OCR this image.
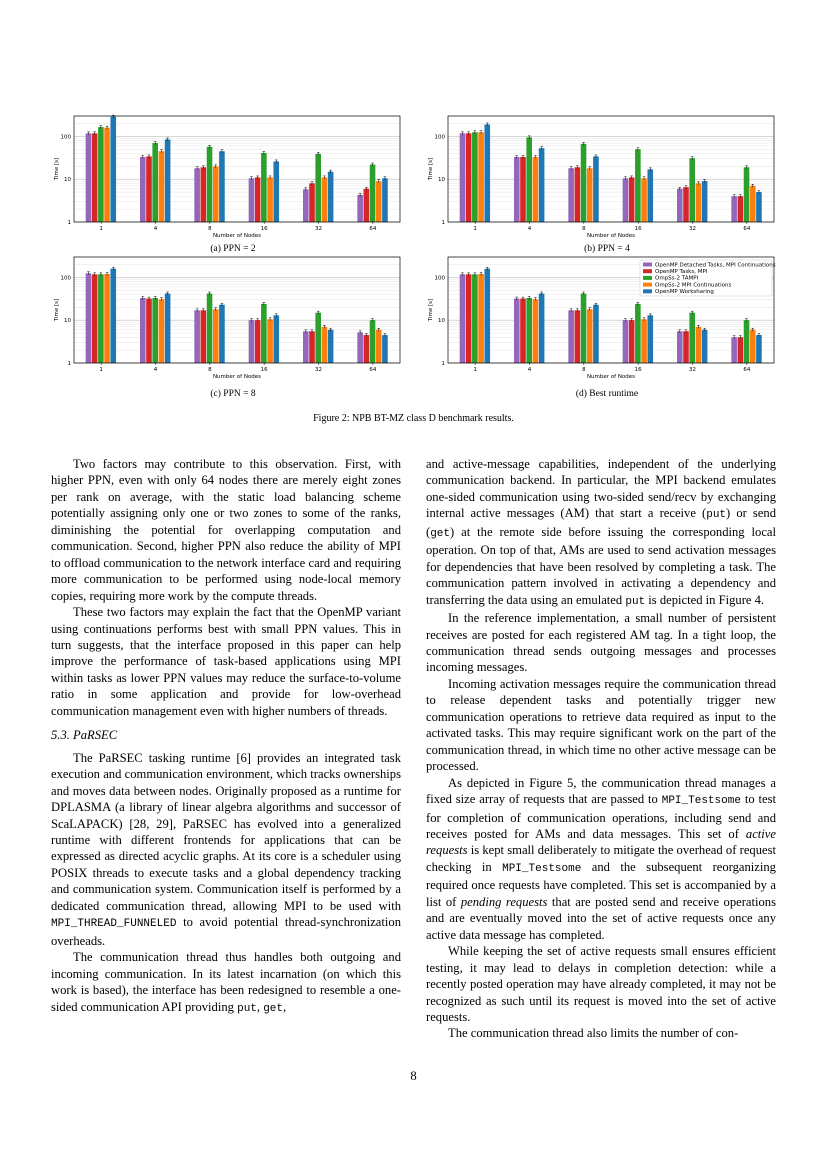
1
10
100
1	4	8	16	32	64
Number of Nodes
Time [s]
(a) PPN = 2
1
10
100
1	4	8	16	32	64
Number of Nodes
Time [s]
(b) PPN = 4
1
10
100
1	4	8	16	32	64
Number of Nodes
Time [s]
(c) PPN = 8
1
10
100
1	4	8	16	32	64
Number of Nodes
Time [s]
OpenMP Detached Tasks, MPI Continuations
OpenMP Tasks, MPI
OmpSs-2 TAMPI
OmpSs-2 MPI Continuations
OpenMP Worksharing
(d) Best runtime
Figure 2: NPB BT-MZ class D benchmark results.

Two factors may contribute to this observation. First, with higher PPN, even with only 64 nodes there are merely eight zones per rank on average, with the static load balancing scheme potentially assigning only one or two zones to some of the ranks, diminishing the potential for overlapping computation and communication. Second, higher PPN also reduce the ability of MPI to offload communication to the network interface card and requiring more communication to be performed using node-local memory copies, requiring more work by the compute threads.

These two factors may explain the fact that the OpenMP variant using continuations performs best with small PPN values. This in turn suggests, that the interface proposed in this paper can help improve the performance of task-based applications using MPI within tasks as lower PPN values may reduce the surface-to-volume ratio in some application and provide for low-overhead communication management even with higher numbers of threads.

5.3. PaRSEC

The PaRSEC tasking runtime [6] provides an integrated task execution and communication environment, which tracks ownerships and moves data between nodes. Originally proposed as a runtime for DPLASMA (a library of linear algebra algorithms and successor of ScaLAPACK) [28, 29], PaRSEC has evolved into a generalized runtime with different frontends for applications that can be expressed as directed acyclic graphs. At its core is a scheduler using POSIX threads to execute tasks and a global dependency tracking and communication system. Communication itself is performed by a dedicated communication thread, allowing MPI to be used with MPI_THREAD_FUNNELED to avoid potential thread-synchronization overheads.

The communication thread thus handles both outgoing and incoming communication. In its latest incarnation (on which this work is based), the interface has been redesigned to resemble a one-sided communication API providing put, get,

and active-message capabilities, independent of the underlying communication backend. In particular, the MPI backend emulates one-sided communication using two-sided send/recv by exchanging internal active messages (AM) that start a receive (put) or send (get) at the remote side before issuing the corresponding local operation. On top of that, AMs are used to send activation messages for dependencies that have been resolved by completing a task. The communication pattern involved in activating a dependency and transferring the data using an emulated put is depicted in Figure 4.

In the reference implementation, a small number of persistent receives are posted for each registered AM tag. In a tight loop, the communication thread sends outgoing messages and processes incoming messages.

Incoming activation messages require the communication thread to release dependent tasks and potentially trigger new communication operations to retrieve data required as input to the activated tasks. This may require significant work on the part of the communication thread, in which time no other active message can be processed.

As depicted in Figure 5, the communication thread manages a fixed size array of requests that are passed to MPI_Testsome to test for completion of communication operations, including send and receives posted for AMs and data messages. This set of active requests is kept small deliberately to mitigate the overhead of request checking in MPI_Testsome and the subsequent reorganizing required once requests have completed. This set is accompanied by a list of pending requests that are posted send and receive operations and are eventually moved into the set of active requests once any active data message has completed.

While keeping the set of active requests small ensures efficient testing, it may lead to delays in completion detection: while a recently posted operation may have already completed, it may not be recognized as such until its request is moved into the set of active requests.

The communication thread also limits the number of con-

8
